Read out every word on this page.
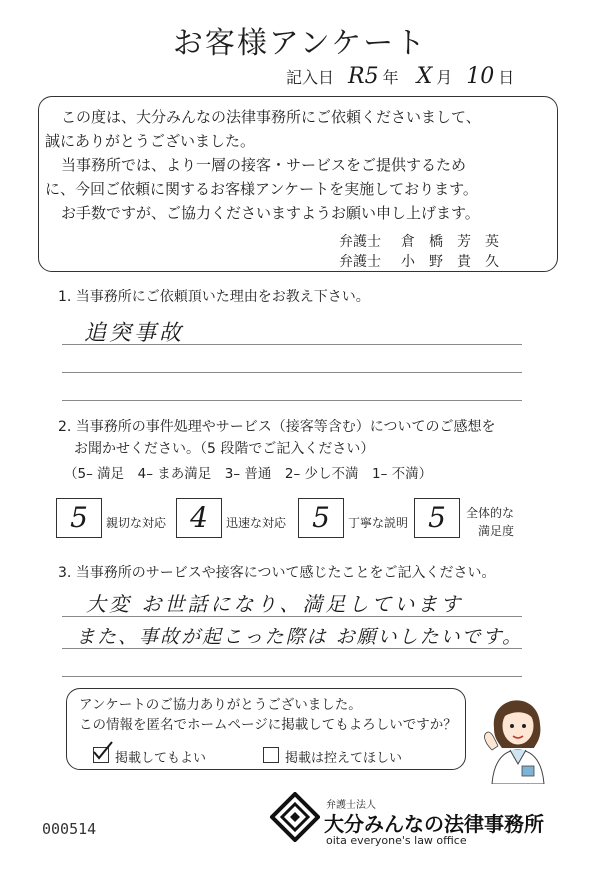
お客様アンケート
記入日 R5 年 X 月 10 日

この度は、大分みんなの法律事務所にご依頼くださいまして、

誠にありがとうございました。

当事務所では、より一層の接客・サービスをご提供するため

に、今回ご依頼に関するお客様アンケートを実施しております。

お手数ですが、ご協力くださいますようお願い申し上げます。

弁護士 倉　橋　芳　英
弁護士 小　野　貴　久
1. 当事務所にご依頼頂いた理由をお教え下さい。
追突事故
2. 当事務所の事件処理やサービス（接客等含む）についてのご感想を
お聞かせください。（5 段階でご記入ください）
（5– 満足　4– まあ満足　3– 普通　2– 少し不満　1– 不満）
5	親切な対応 4	迅速な対応 5	丁寧な説明 5	全体的な
満足度
3. 当事務所のサービスや接客について感じたことをご記入ください。
大変 お世話になり、満足しています
また、事故が起こった際は お願いしたいです。
アンケートのご協力ありがとうございました。
この情報を匿名でホームページに掲載してもよろしいですか？
掲載してもよい	掲載は控えてほしい
000514
弁護士法人
大分みんなの法律事務所
oita everyone's law office
